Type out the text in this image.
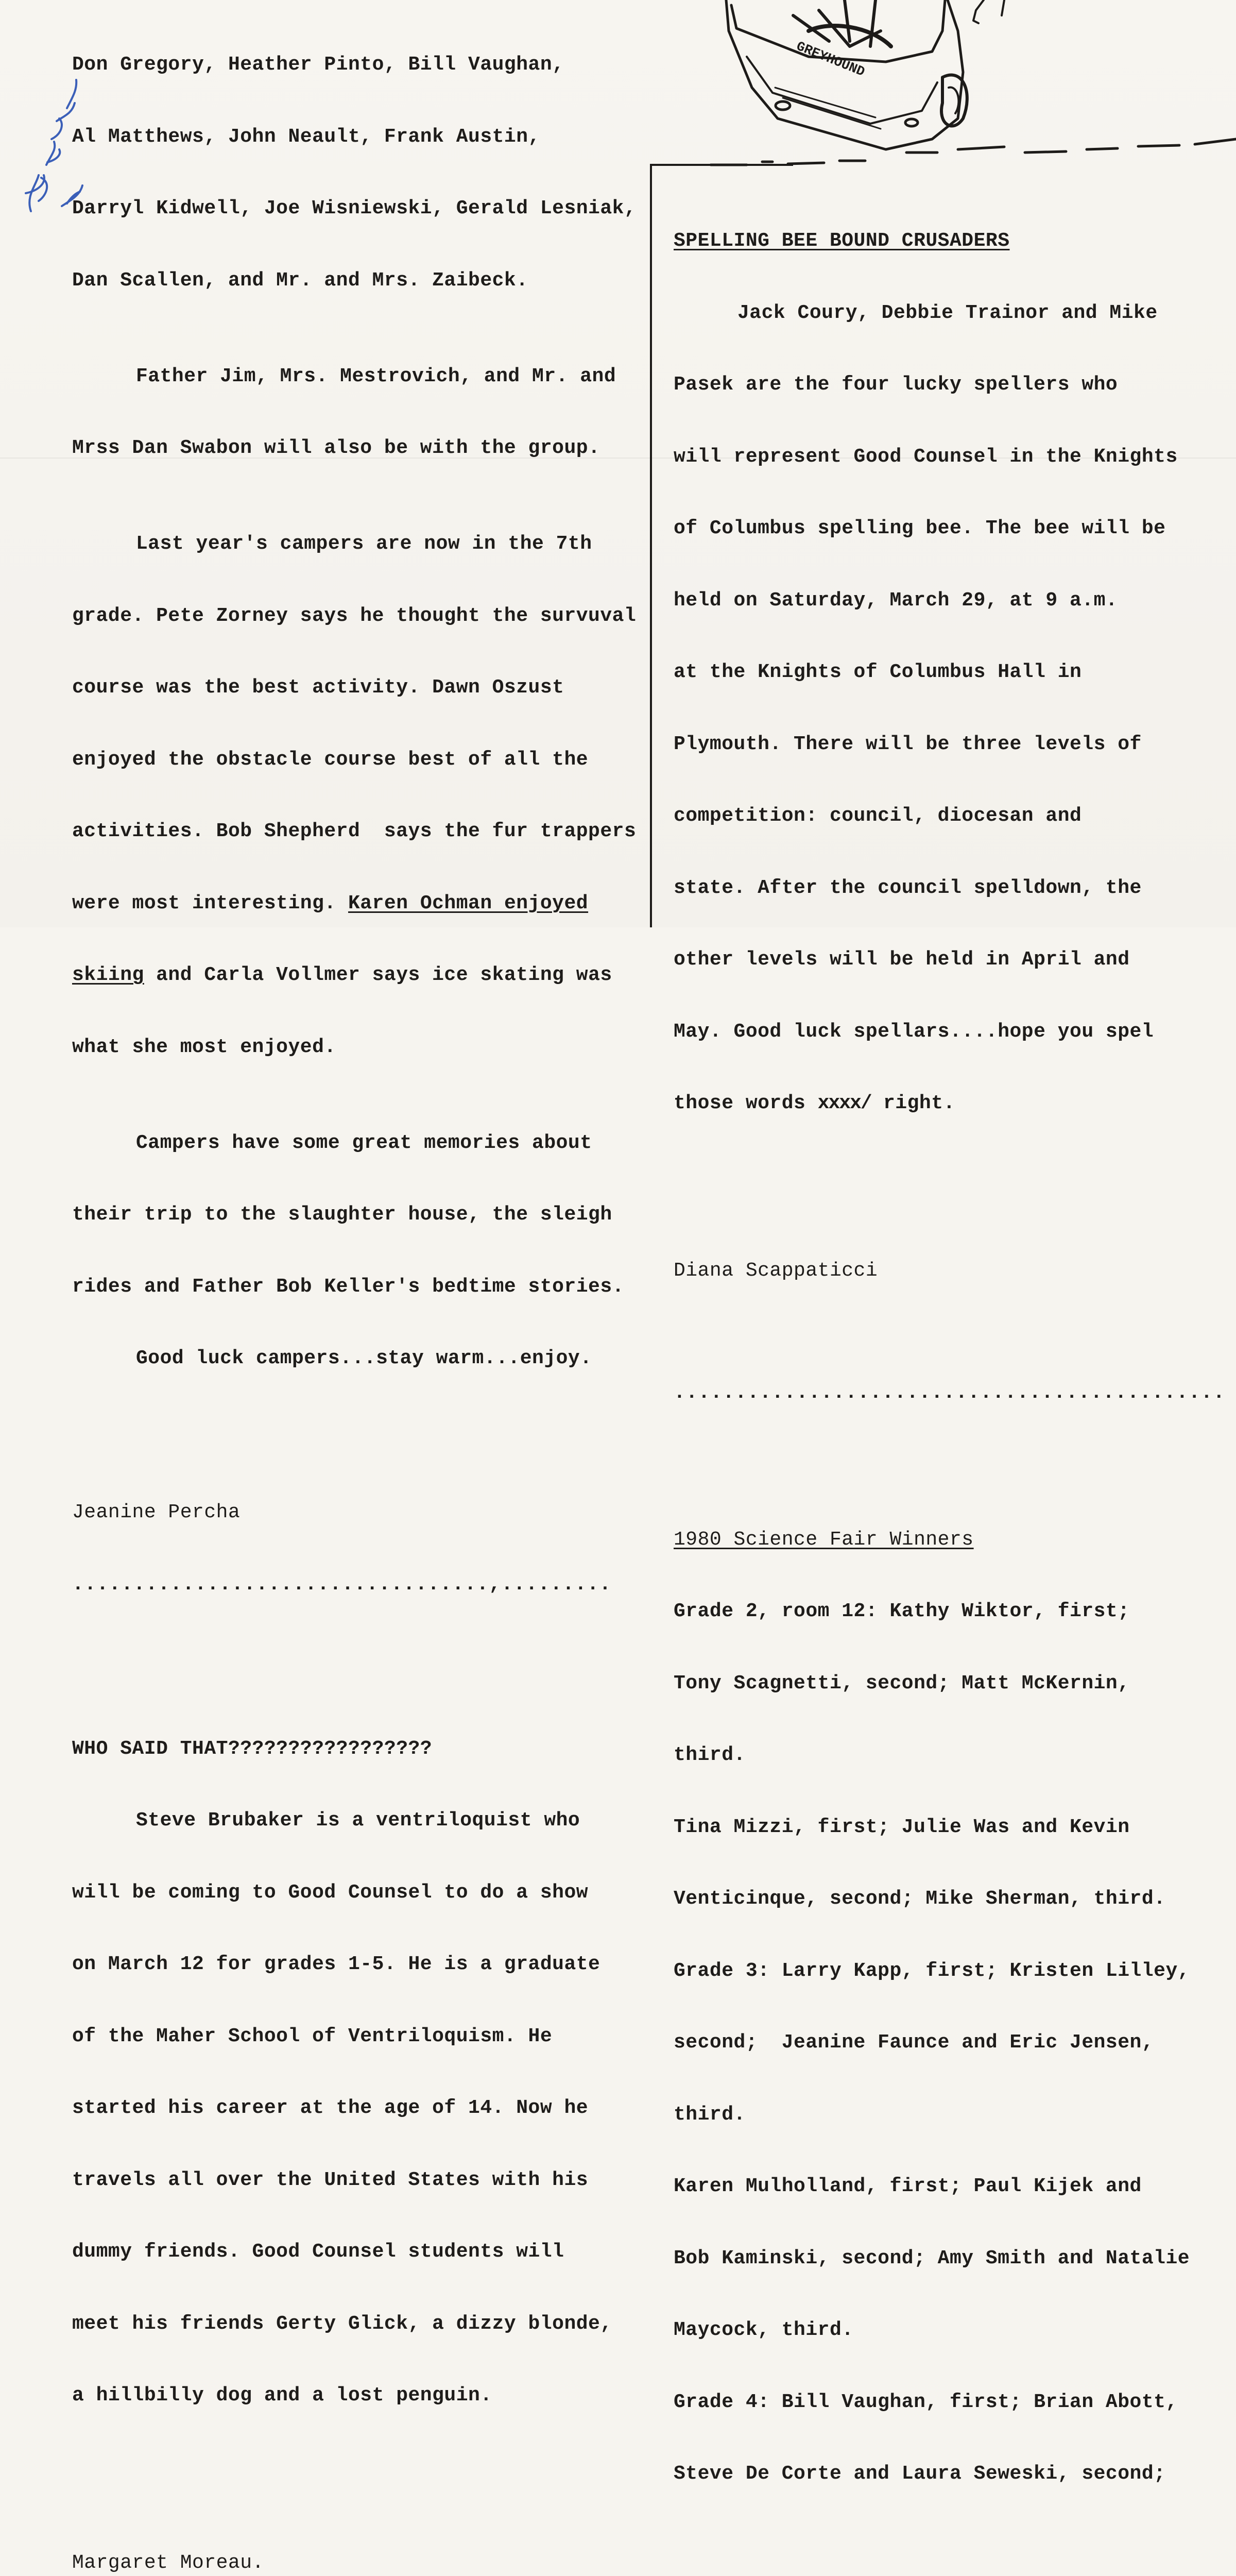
Don Gregory, Heather Pinto, Bill Vaughan,

Al Matthews, John Neault, Frank Austin,

Darryl Kidwell, Joe Wisniewski, Gerald Lesniak,

Dan Scallen, and Mr. and Mrs. Zaibeck.

Father Jim, Mrs. Mestrovich, and Mr. and

Mrss Dan Swabon will also be with the group.

Last year's campers are now in the 7th

grade. Pete Zorney says he thought the survuval

course was the best activity. Dawn Oszust

enjoyed the obstacle course best of all the

activities. Bob Shepherd  says the fur trappers

were most interesting. Karen Ochman enjoyed

skiing and Carla Vollmer says ice skating was

what she most enjoyed.

Campers have some great memories about

their trip to the slaughter house, the sleigh

rides and Father Bob Keller's bedtime stories.

Good luck campers...stay warm...enjoy.

Jeanine Percha

..................................,.........

WHO SAID THAT?????????????????

Steve Brubaker is a ventriloquist who

will be coming to Good Counsel to do a show

on March 12 for grades 1-5. He is a graduate

of the Maher School of Ventriloquism. He

started his career at the age of 14. Now he

travels all over the United States with his

dummy friends. Good Counsel students will

meet his friends Gerty Glick, a dizzy blonde,

a hillbilly dog and a lost penguin.

Margaret Moreau.

GREYHOUND

SPELLING BEE BOUND CRUSADERS

Jack Coury, Debbie Trainor and Mike

Pasek are the four lucky spellers who

will represent Good Counsel in the Knights

of Columbus spelling bee. The bee will be

held on Saturday, March 29, at 9 a.m.

at the Knights of Columbus Hall in

Plymouth. There will be three levels of

competition: council, diocesan and

state. After the council spelldown, the

other levels will be held in April and

May. Good luck spellars....hope you spel

those words xxxx/ right.

Diana Scappaticci

.............................................

1980 Science Fair Winners

Grade 2, room 12: Kathy Wiktor, first;

Tony Scagnetti, second; Matt McKernin,

third.

Tina Mizzi, first; Julie Was and Kevin

Venticinque, second; Mike Sherman, third.

Grade 3: Larry Kapp, first; Kristen Lilley,

second;  Jeanine Faunce and Eric Jensen,

third.

Karen Mulholland, first; Paul Kijek and

Bob Kaminski, second; Amy Smith and Natalie

Maycock, third.

Grade 4: Bill Vaughan, first; Brian Abott,

Steve De Corte and Laura Seweski, second;
